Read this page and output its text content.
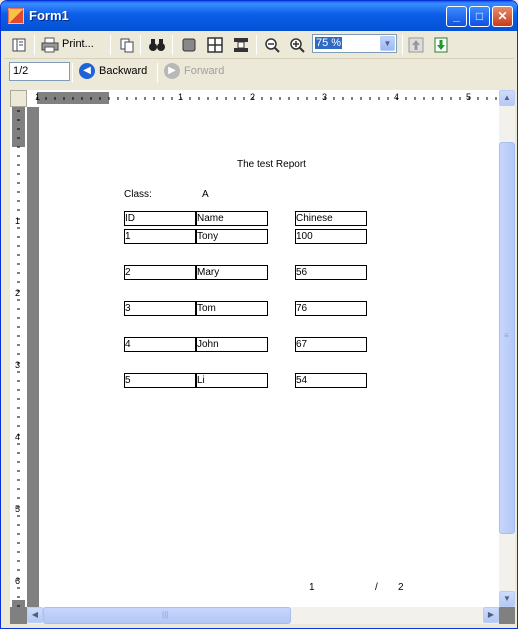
Form1	_	□	✕
Print...	75 %	▼
1/2	◀ Backward	▶ Forward
1	1	2	3	4	5
1
2
3
4
5
6
The test Report
Class:	A
ID	Name	Chinese
1	Tony	100
2	Mary	56
3	Tom	76
4	John	67
5	Li	54
1	/ 2
▲
≡
▼
◀	|||	▶
